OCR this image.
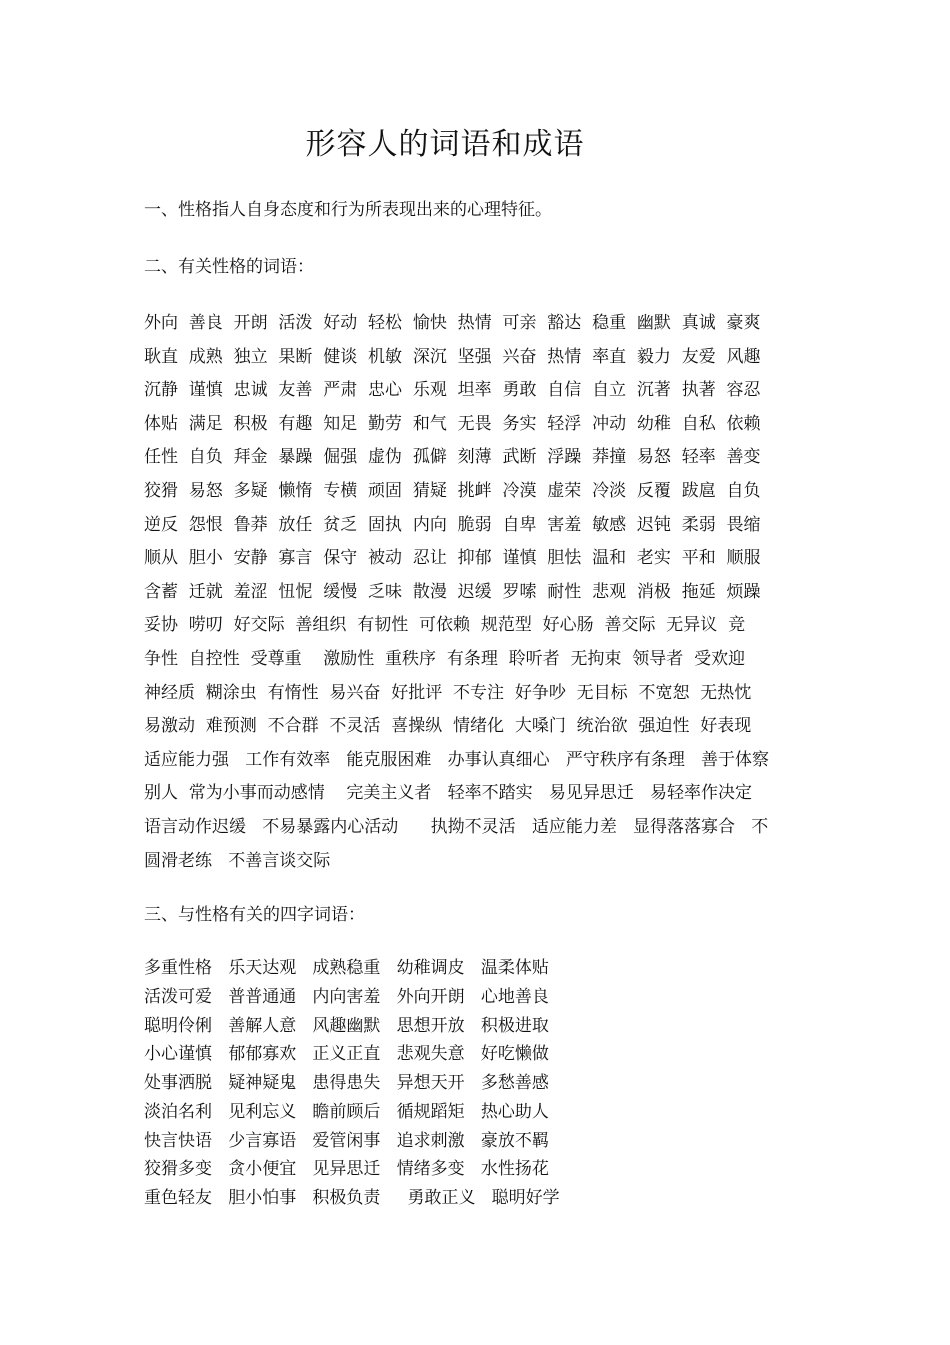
形容人的词语和成语
一、性格指人自身态度和行为所表现出来的心理特征。
二、有关性格的词语：
外向  善良  开朗  活泼  好动  轻松  愉快  热情  可亲  豁达  稳重  幽默  真诚  豪爽
耿直  成熟  独立  果断  健谈  机敏  深沉  坚强  兴奋  热情  率直  毅力  友爱  风趣
沉静  谨慎  忠诚  友善  严肃  忠心  乐观  坦率  勇敢  自信  自立  沉著  执著  容忍
体贴  满足  积极  有趣  知足  勤劳  和气  无畏  务实  轻浮  冲动  幼稚  自私  依赖
任性  自负  拜金  暴躁  倔强  虚伪  孤僻  刻薄  武断  浮躁  莽撞  易怒  轻率  善变
狡猾  易怒  多疑  懒惰  专横  顽固  猜疑  挑衅  冷漠  虚荣  冷淡  反覆  跋扈  自负
逆反  怨恨  鲁莽  放任  贫乏  固执  内向  脆弱  自卑  害羞  敏感  迟钝  柔弱  畏缩
顺从  胆小  安静  寡言  保守  被动  忍让  抑郁  谨慎  胆怯  温和  老实  平和  顺服
含蓄  迁就  羞涩  忸怩  缓慢  乏味  散漫  迟缓  罗嗦  耐性  悲观  消极  拖延  烦躁
妥协  唠叨  好交际  善组织  有韧性  可依赖  规范型  好心肠  善交际  无异议  竞
争性  自控性  受尊重    激励性  重秩序  有条理  聆听者  无拘束  领导者  受欢迎
神经质  糊涂虫  有惰性  易兴奋  好批评  不专注  好争吵  无目标  不宽恕  无热忱
易激动  难预测  不合群  不灵活  喜操纵  情绪化  大嗓门  统治欲  强迫性  好表现
适应能力强   工作有效率   能克服困难   办事认真细心   严守秩序有条理   善于体察
别人  常为小事而动感情    完美主义者   轻率不踏实   易见异思迁   易轻率作决定
语言动作迟缓   不易暴露内心活动      执拗不灵活   适应能力差   显得落落寡合   不
圆滑老练   不善言谈交际
三、与性格有关的四字词语：
多重性格   乐天达观   成熟稳重   幼稚调皮   温柔体贴
活泼可爱   普普通通   内向害羞   外向开朗   心地善良
聪明伶俐   善解人意   风趣幽默   思想开放   积极进取
小心谨慎   郁郁寡欢   正义正直   悲观失意   好吃懒做
处事洒脱   疑神疑鬼   患得患失   异想天开   多愁善感
淡泊名利   见利忘义   瞻前顾后   循规蹈矩   热心助人
快言快语   少言寡语   爱管闲事   追求刺激   豪放不羁
狡猾多变   贪小便宜   见异思迁   情绪多变   水性扬花
重色轻友   胆小怕事   积极负责     勇敢正义   聪明好学
